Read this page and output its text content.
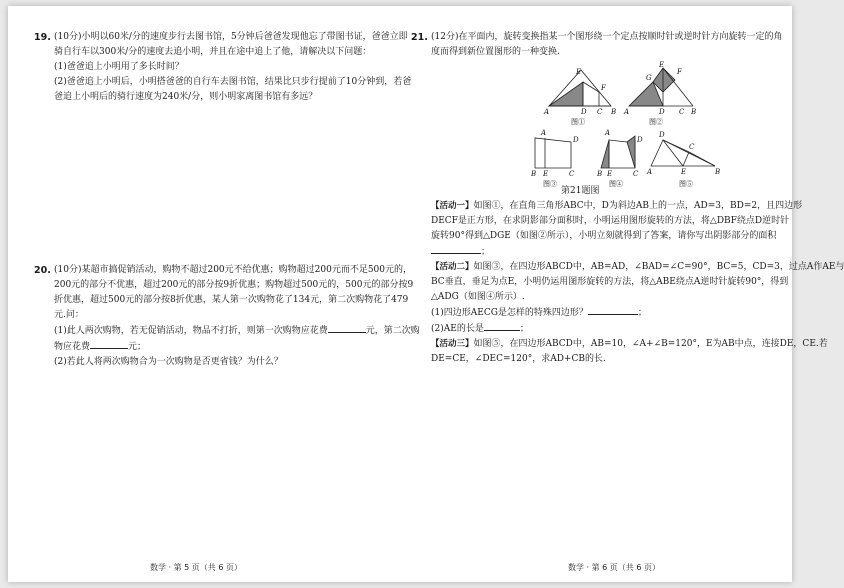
19. (10分)小明以60米/分的速度步行去图书馆，5分钟后爸爸发现他忘了带图书证，爸爸立即
骑自行车以300米/分的速度去追小明，并且在途中追上了他，请解决以下问题：
(1)爸爸追上小明用了多长时间？
(2)爸爸追上小明后，小明搭爸爸的自行车去图书馆，结果比只步行提前了10分钟到，若爸
爸追上小明后的骑行速度为240米/分，则小明家离图书馆有多远？
20. (10分)某超市搞促销活动，购物不超过200元不给优惠；购物超过200元而不足500元的，
200元的部分不优惠，超过200元的部分按9折优惠；购物超过500元的，500元的部分按9
折优惠，超过500元的部分按8折优惠，某人第一次购物花了134元，第二次购物花了479
元.问：
(1)此人两次购物，若无促销活动，物品不打折，则第一次购物应花费	元，第二次购
物应花费	元；
(2)若此人将两次购物合为一次购物是否更省钱？为什么？
21. (12分)在平面内，旋转变换指某一个图形绕一个定点按顺时针或逆时针方向旋转一定的角
度而得到新位置图形的一种变换.
A	D C B
E
F
图①
A	D C B
G
E
F
图②
A
D
B E	C
图③
A
D
B E	C
图④
A	E	B
D
C
图⑤
第21题图
【活动一】如图①，在直角三角形ABC中，D为斜边AB上的一点，AD=3，BD=2，且四边形
DECF是正方形，在求阴影部分面积时，小明运用图形旋转的方法，将△DBF绕点D逆时针
旋转90°得到△DGE（如图②所示），小明立刻就得到了答案，请你写出阴影部分的面积
；
【活动二】如图③，在四边形ABCD中，AB=AD，∠BAD=∠C=90°，BC=5，CD=3，过点A作AE与
BC垂直，垂足为点E，小明仍运用图形旋转的方法，将△ABE绕点A逆时针旋转90°，得到
△ADG（如图④所示）.
(1)四边形AECG是怎样的特殊四边形？	；
(2)AE的长是	；
【活动三】如图⑤，在四边形ABCD中，AB=10，∠A+∠B=120°，E为AB中点，连接DE，CE.若
DE=CE，∠DEC=120°，求AD+CB的长.
数学 · 第 5 页（共 6 页）	数学 · 第 6 页（共 6 页）
